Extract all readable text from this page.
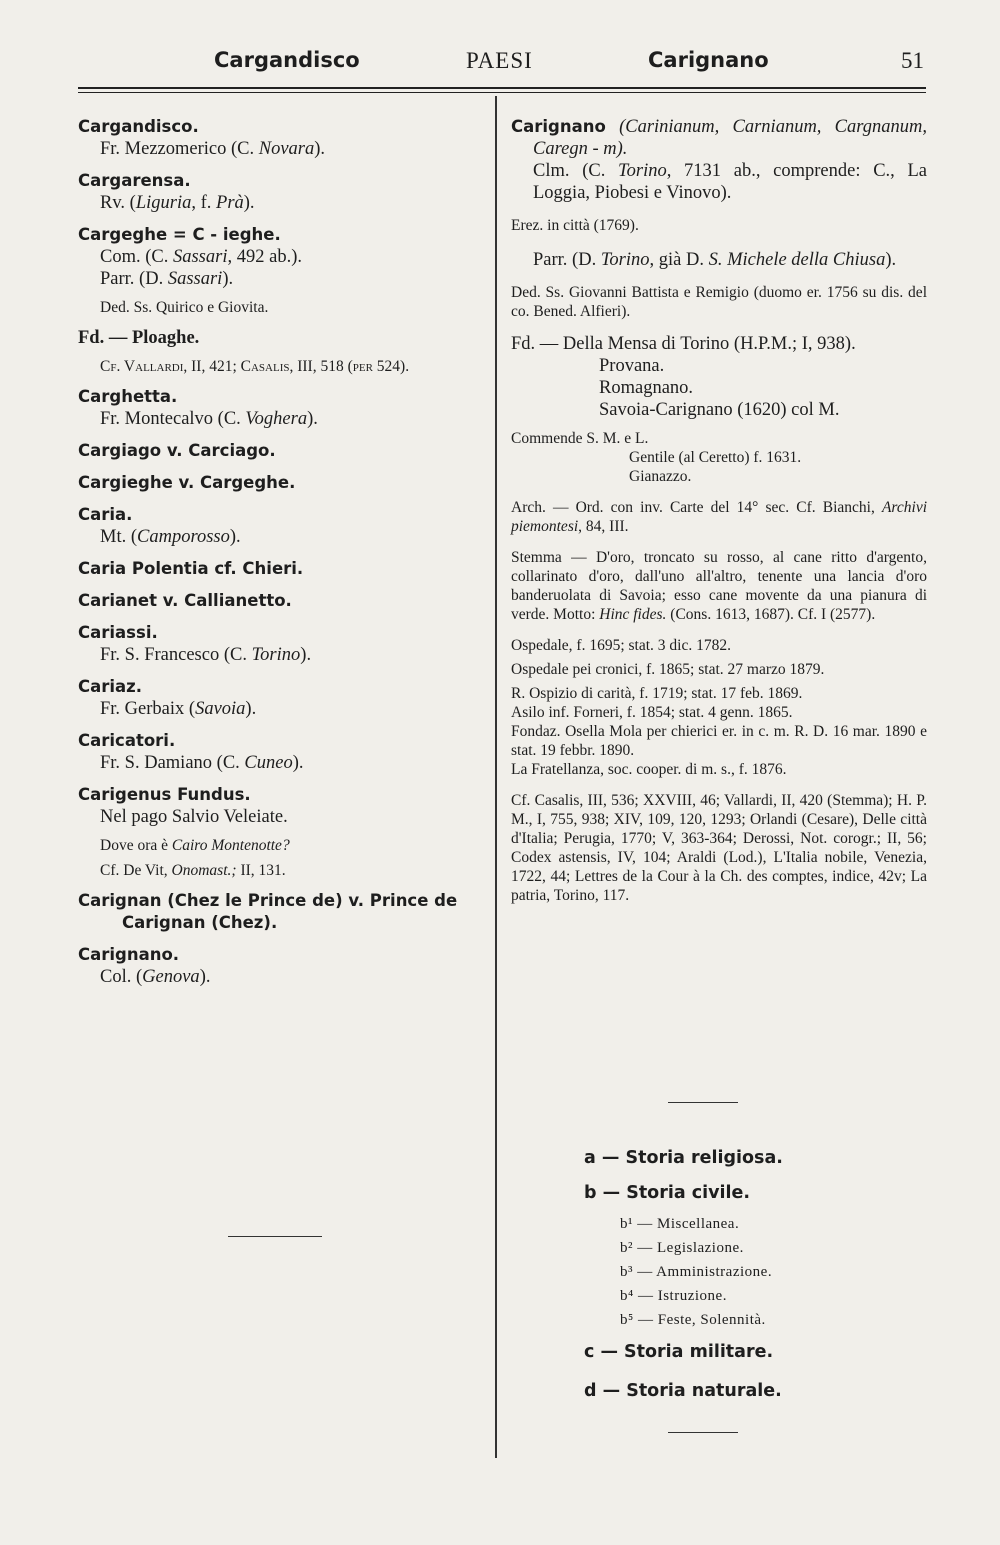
Cargandisco	PAESI	Carignano	51

Cargandisco.

Fr. Mezzomerico (C. Novara).

Cargarensa.

Rv. (Liguria, f. Prà).

Cargeghe = C - ieghe.

Com. (C. Sassari, 492 ab.).

Parr. (D. Sassari).

Ded. Ss. Quirico e Giovita.

Fd. — Ploaghe.

Cf. Vallardi, II, 421; Casalis, III, 518 (per 524).

Carghetta.

Fr. Montecalvo (C. Voghera).

Cargiago v. Carciago.

Cargieghe v. Cargeghe.

Caria.

Mt. (Camporosso).

Caria Polentia cf. Chieri.

Carianet v. Callianetto.

Cariassi.

Fr. S. Francesco (C. Torino).

Cariaz.

Fr. Gerbaix (Savoia).

Caricatori.

Fr. S. Damiano (C. Cuneo).

Carigenus Fundus.

Nel pago Salvio Veleiate.

Dove ora è Cairo Montenotte?

Cf. De Vit, Onomast.; II, 131.

Carignan (Chez le Prince de) v. Prince de Carignan (Chez).

Carignano.

Col. (Genova).

Carignano (Carinianum, Carnianum, Cargnanum, Caregn - m).

Clm. (C. Torino, 7131 ab., comprende: C., La Loggia, Piobesi e Vinovo).

Erez. in città (1769).

Parr. (D. Torino, già D. S. Michele della Chiusa).

Ded. Ss. Giovanni Battista e Remigio (duomo er. 1756 su dis. del co. Bened. Alfieri).

Fd. — Della Mensa di Torino (H.P.M.; I, 938).

Provana.

Romagnano.

Savoia-Carignano (1620) col M.

Commende S. M. e L.

Gentile (al Ceretto) f. 1631.

Gianazzo.

Arch. — Ord. con inv. Carte del 14° sec. Cf. Bianchi, Archivi piemontesi, 84, III.

Stemma — D'oro, troncato su rosso, al cane ritto d'argento, collarinato d'oro, dall'uno all'altro, tenente una lancia d'oro banderuolata di Savoia; esso cane movente da una pianura di verde. Motto: Hinc fides. (Cons. 1613, 1687). Cf. I (2577).

Ospedale, f. 1695; stat. 3 dic. 1782.

Ospedale pei cronici, f. 1865; stat. 27 marzo 1879.

R. Ospizio di carità, f. 1719; stat. 17 feb. 1869.

Asilo inf. Forneri, f. 1854; stat. 4 genn. 1865.

Fondaz. Osella Mola per chierici er. in c. m. R. D. 16 mar. 1890 e stat. 19 febbr. 1890.

La Fratellanza, soc. cooper. di m. s., f. 1876.

Cf. Casalis, III, 536; XXVIII, 46; Vallardi, II, 420 (Stemma); H. P. M., I, 755, 938; XIV, 109, 120, 1293; Orlandi (Cesare), Delle città d'Italia; Perugia, 1770; V, 363-364; Derossi, Not. corogr.; II, 56; Codex astensis, IV, 104; Araldi (Lod.), L'Italia nobile, Venezia, 1722, 44; Lettres de la Cour à la Ch. des comptes, indice, 42v; La patria, Torino, 117.

a — Storia religiosa.
b — Storia civile.
b¹ — Miscellanea.
b² — Legislazione.
b³ — Amministrazione.
b⁴ — Istruzione.
b⁵ — Feste, Solennità.
c — Storia militare.
d — Storia naturale.
